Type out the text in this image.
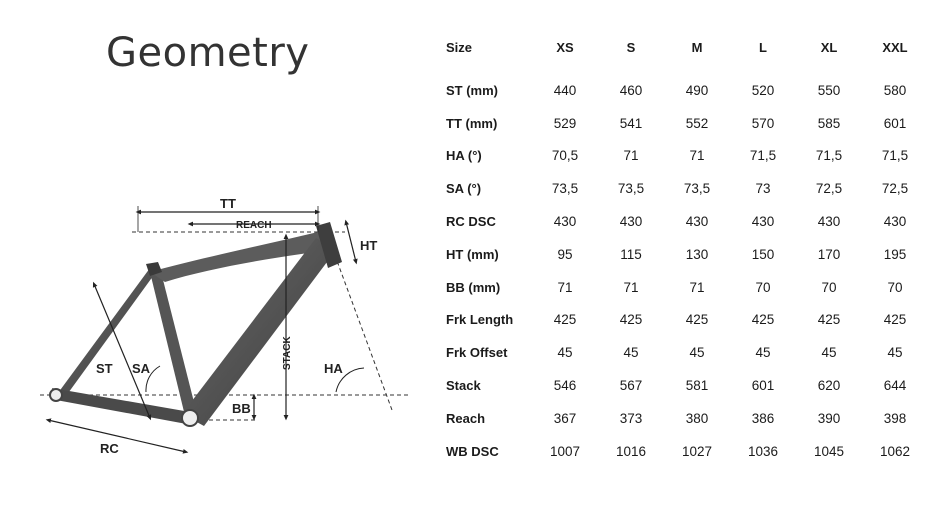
Geometry
TT
REACH
HT
ST SA	STACK HA
BB
RC
Size	XS	S	M	L	XL	XXL

ST (mm)	440	460	490	520	550	580
TT (mm)	529	541	552	570	585	601
HA (°)	70,5	71	71	71,5	71,5	71,5
SA (°)	73,5	73,5	73,5	73	72,5	72,5
RC DSC	430	430	430	430	430	430
HT (mm)	95	115	130	150	170	195
BB (mm)	71	71	71	70	70	70
Frk Length	425	425	425	425	425	425
Frk Offset	45	45	45	45	45	45
Stack	546	567	581	601	620	644
Reach	367	373	380	386	390	398
WB DSC	1007	1016	1027	1036	1045	1062
